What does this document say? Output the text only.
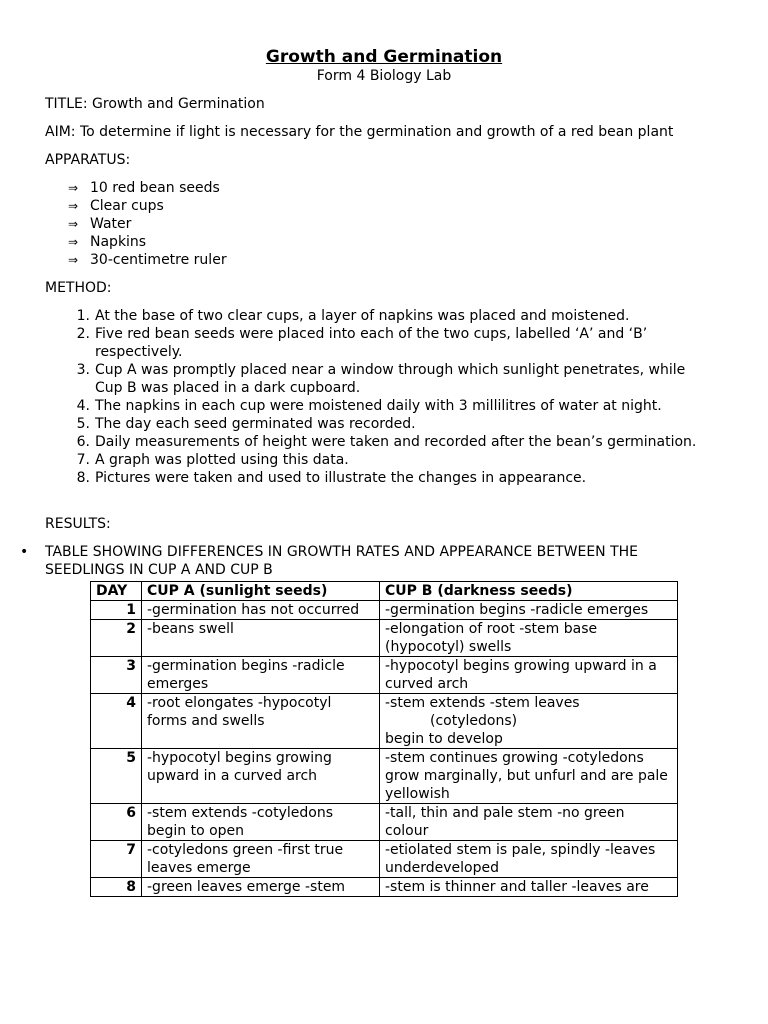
Growth and Germination
Form 4 Biology Lab
TITLE: Growth and Germination
AIM: To determine if light is necessary for the germination and growth of a red bean plant
APPARATUS:
⇒ 10 red bean seeds
⇒ Clear cups
⇒ Water
⇒ Napkins
⇒ 30-centimetre ruler
METHOD:
1. At the base of two clear cups, a layer of napkins was placed and moistened.
2. Five red bean seeds were placed into each of the two cups, labelled ‘A’ and ‘B’ respectively.
3. Cup A was promptly placed near a window through which sunlight penetrates, while Cup B was placed in a dark cupboard.
4. The napkins in each cup were moistened daily with 3 millilitres of water at night.
5. The day each seed germinated was recorded.
6. Daily measurements of height were taken and recorded after the bean’s germination.
7. A graph was plotted using this data.
8. Pictures were taken and used to illustrate the changes in appearance.
RESULTS:
•	TABLE SHOWING DIFFERENCES IN GROWTH RATES AND APPEARANCE BETWEEN THE SEEDLINGS IN CUP A AND CUP B
DAY	CUP A (sunlight seeds)	CUP B (darkness seeds)
1	-germination has not occurred	-germination begins -radicle emerges
2	-beans swell	-elongation of root -stem base (hypocotyl) swells
3	-germination begins -radicle emerges	-hypocotyl begins growing upward in a curved arch
4	-root elongates -hypocotyl forms and swells	-stem extends -stem leaves
(cotyledons)
begin to develop

5	-hypocotyl begins growing upward in a curved arch	-stem continues growing -cotyledons grow marginally, but unfurl and are pale yellowish
6	-stem extends -cotyledons begin to open	-tall, thin and pale stem -no green colour
7	-cotyledons green -first true leaves emerge	-etiolated stem is pale, spindly -leaves underdeveloped
8	-green leaves emerge -stem	-stem is thinner and taller -leaves are
